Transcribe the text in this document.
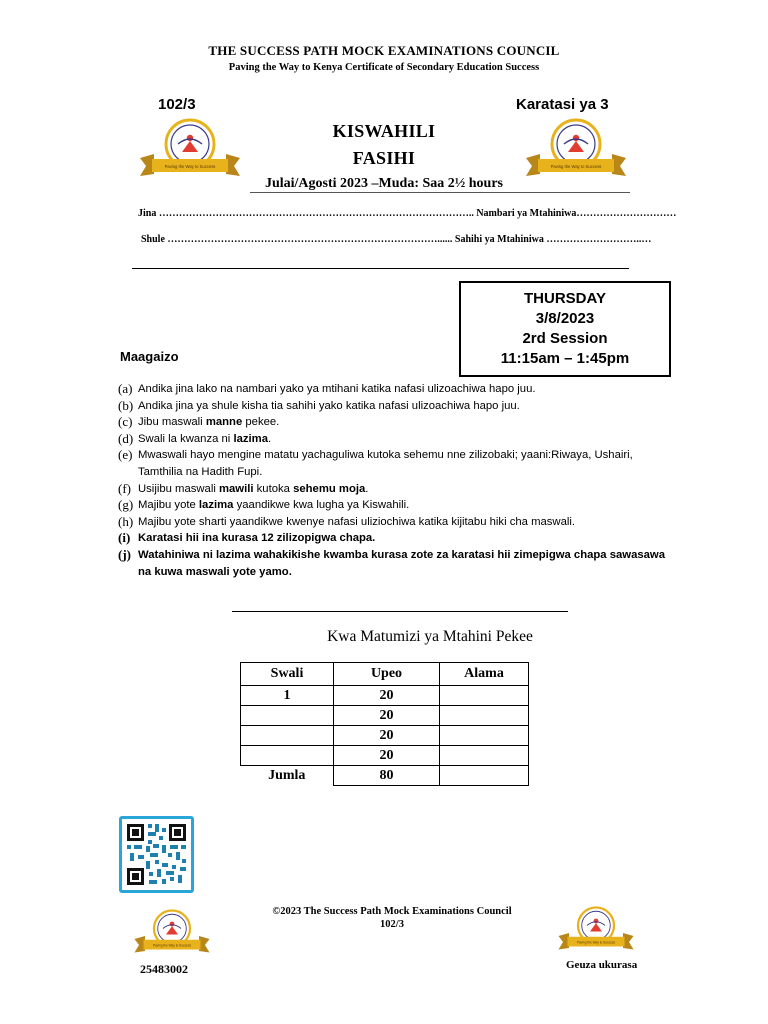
THE SUCCESS PATH MOCK EXAMINATIONS COUNCIL
Paving the Way to Kenya Certificate of Secondary Education Success
102/3	Karatasi ya 3
Paving the Way to Success	Paving the Way to Success
KISWAHILI
FASIHI
Julai/Agosti 2023 –Muda: Saa 2½ hours
Jina ………………………………………………………………………………….. Nambari ya Mtahiniwa…………………………
Shule ………………………………………………………………………...... Sahihi ya Mtahiniwa ………………………..…
THURSDAY
3/8/2023
2rd Session
11:15am – 1:45pm
Maagaizo
(a) Andika jina lako na nambari yako ya mtihani katika nafasi ulizoachiwa hapo juu.
(b) Andika jina ya shule kisha tia sahihi yako katika nafasi ulizoachiwa hapo juu.
(c) Jibu maswali manne pekee.
(d) Swali la kwanza ni lazima.
(e) Mwaswali hayo mengine matatu yachaguliwa kutoka sehemu nne zilizobaki; yaani:Riwaya, Ushairi, Tamthilia na Hadith Fupi.
(f) Usijibu maswali mawili kutoka sehemu moja.
(g) Majibu yote lazima yaandikwe kwa lugha ya Kiswahili.
(h) Majibu yote sharti yaandikwe kwenye nafasi uliziochiwa katika kijitabu hiki cha maswali.
(i) Karatasi hii ina kurasa 12 zilizopigwa chapa.
(j) Watahiniwa ni lazima wahakikishe kwamba kurasa zote za karatasi hii zimepigwa chapa sawasawa na kuwa maswali yote yamo.
Kwa Matumizi ya Mtahini Pekee
Swali	Upeo	Alama
1	20	
	20	
	20	
	20	
Jumla	80	
©2023 The Success Path Mock Examinations Council
102/3
Paving the Way to Success
Paving the Way to Success
25483002	Geuza ukurasa
